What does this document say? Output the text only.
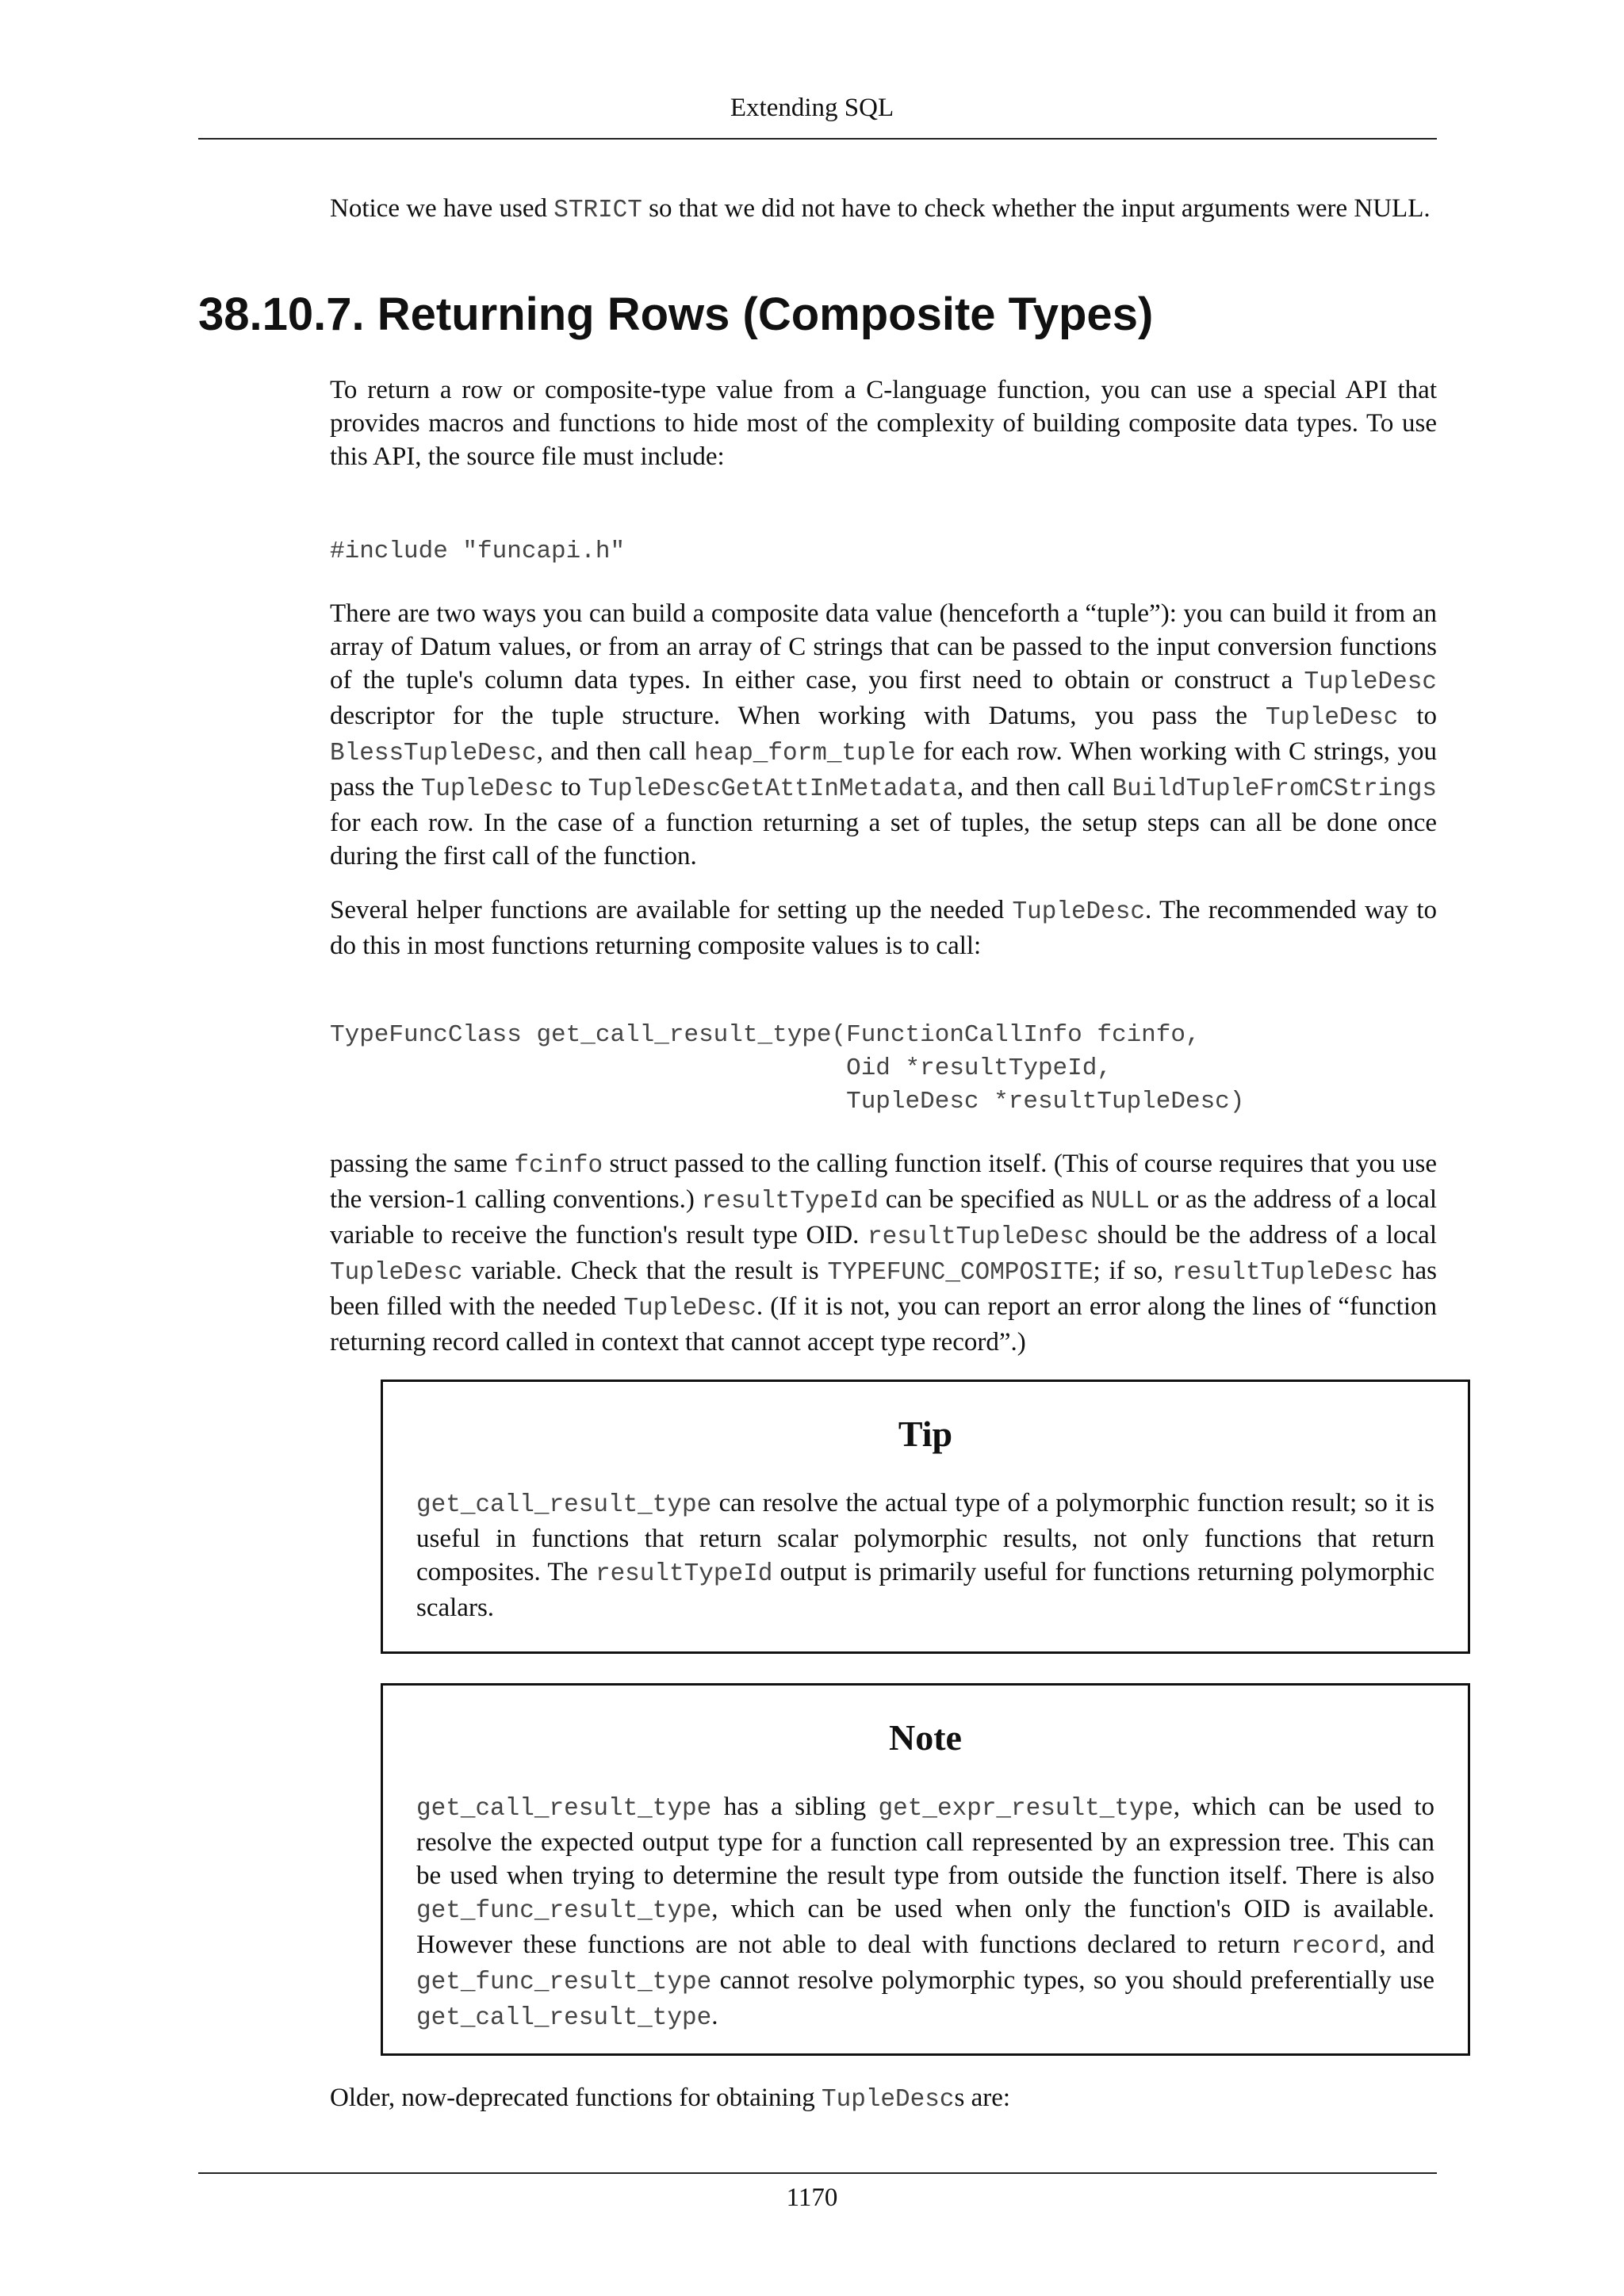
Extending SQL

Notice we have used STRICT so that we did not have to check whether the input arguments were NULL.

38.10.7. Returning Rows (Composite Types)

To return a row or composite-type value from a C-language function, you can use a special API that provides macros and functions to hide most of the complexity of building composite data types. To use this API, the source file must include:

#include "funcapi.h"

There are two ways you can build a composite data value (henceforth a “tuple”): you can build it from an array of Datum values, or from an array of C strings that can be passed to the input conversion functions of the tuple's column data types. In either case, you first need to obtain or construct a TupleDesc descriptor for the tuple structure. When working with Datums, you pass the TupleDesc to BlessTupleDesc, and then call heap_form_tuple for each row. When working with C strings, you pass the TupleDesc to TupleDescGetAttInMetadata, and then call BuildTupleFromCStrings for each row. In the case of a function returning a set of tuples, the setup steps can all be done once during the first call of the function.

Several helper functions are available for setting up the needed TupleDesc. The recommended way to do this in most functions returning composite values is to call:

TypeFuncClass get_call_result_type(FunctionCallInfo fcinfo,
Oid *resultTypeId,
TupleDesc *resultTupleDesc)

passing the same fcinfo struct passed to the calling function itself. (This of course requires that you use the version-1 calling conventions.) resultTypeId can be specified as NULL or as the address of a local variable to receive the function's result type OID. resultTupleDesc should be the address of a local TupleDesc variable. Check that the result is TYPEFUNC_COMPOSITE; if so, resultTupleDesc has been filled with the needed TupleDesc. (If it is not, you can report an error along the lines of “function returning record called in context that cannot accept type record”.)

Tip

get_call_result_type can resolve the actual type of a polymorphic function result; so it is useful in functions that return scalar polymorphic results, not only functions that return composites. The resultTypeId output is primarily useful for functions returning polymorphic scalars.

Note

get_call_result_type has a sibling get_expr_result_type, which can be used to resolve the expected output type for a function call represented by an expression tree. This can be used when trying to determine the result type from outside the function itself. There is also get_func_result_type, which can be used when only the function's OID is available. However these functions are not able to deal with functions declared to return record, and get_func_result_type cannot resolve polymorphic types, so you should preferentially use get_call_result_type.

Older, now-deprecated functions for obtaining TupleDescs are:

1170
